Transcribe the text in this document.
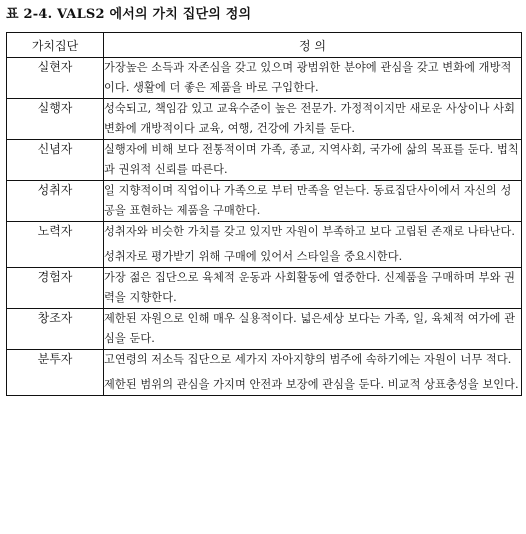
표 2-4. VALS2 에서의 가치 집단의 정의
가치집단	정 의
실현자	가장높은 소득과 자존심을 갖고 있으며 광범위한 분야에 관심을 갖고 변화에 개방적이다. 생활에 더 좋은 제품을 바로 구입한다.

실행자	성숙되고, 책임감 있고 교육수준이 높은 전문가. 가정적이지만 새로운 사상이나 사회변화에 개방적이다 교육, 여행, 건강에 가치를 둔다.

신념자	실행자에 비해 보다 전통적이며 가족, 종교, 지역사회, 국가에 삶의 목표를 둔다. 법칙과 권위적 신뢰를 따른다.

성취자	일 지향적이며 직업이나 가족으로 부터 만족을 얻는다. 동료집단사이에서 자신의 성공을 표현하는 제품을 구매한다.

노력자	성취자와 비슷한 가치를 갖고 있지만 자원이 부족하고 보다 고립된 존재로 나타난다.

성취자로 평가받기 위해 구매에 있어서 스타일을 중요시한다.

경험자	가장 젊은 집단으로 육체적 운동과 사회활동에 열중한다. 신제품을 구매하며 부와 권력을 지향한다.

창조자	제한된 자원으로 인해 매우 실용적이다. 넓은세상 보다는 가족, 일, 육체적 여가에 관심을 둔다.

분투자	고연령의 저소득 집단으로 세가지 자아지향의 범주에 속하기에는 자원이 너무 적다.

제한된 범위의 관심을 가지며 안전과 보장에 관심을 둔다. 비교적 상표충성을 보인다.
